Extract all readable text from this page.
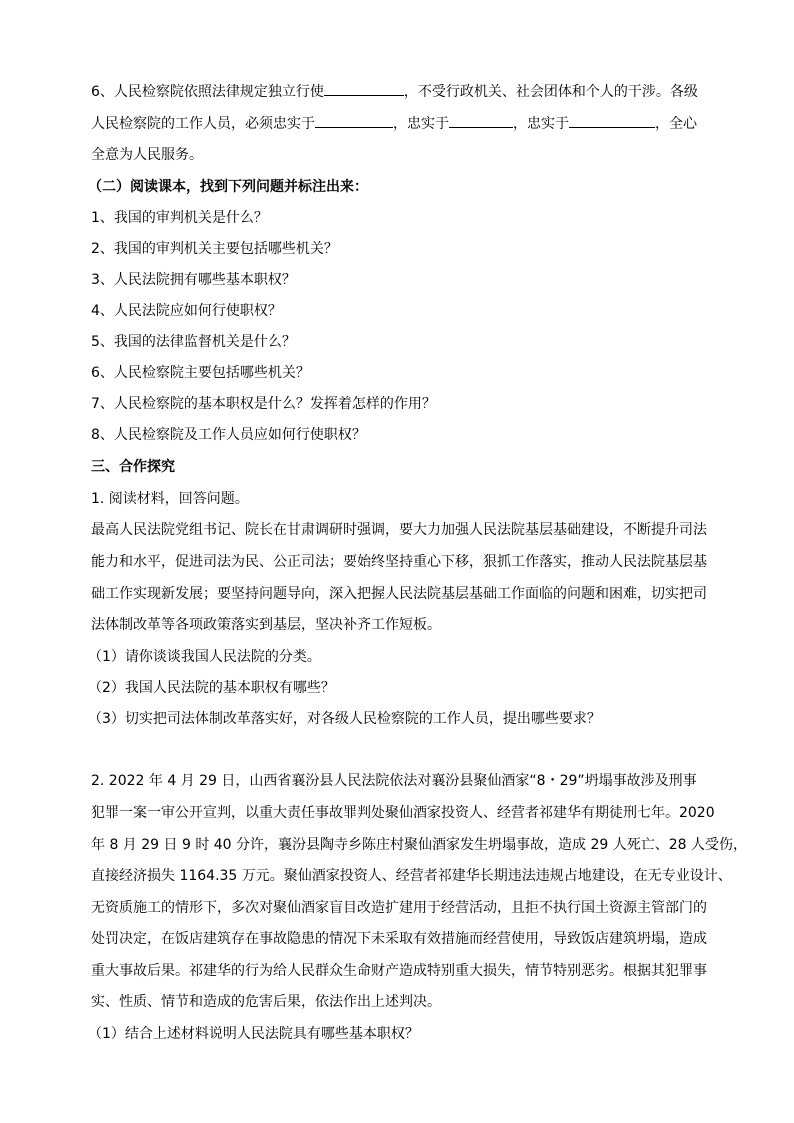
6、人民检察院依照法律规定独立行使	，不受行政机关、社会团体和个人的干涉。各级
人民检察院的工作人员，必须忠实于	，忠实于	，忠实于	，全心
全意为人民服务。
（二）阅读课本，找到下列问题并标注出来：
1、我国的审判机关是什么？
2、我国的审判机关主要包括哪些机关？
3、人民法院拥有哪些基本职权？
4、人民法院应如何行使职权？
5、我国的法律监督机关是什么？
6、人民检察院主要包括哪些机关？
7、人民检察院的基本职权是什么？发挥着怎样的作用？
8、人民检察院及工作人员应如何行使职权？
三、合作探究
1. 阅读材料，回答问题。
最高人民法院党组书记、院长在甘肃调研时强调，要大力加强人民法院基层基础建设，不断提升司法
能力和水平，促进司法为民、公正司法；要始终坚持重心下移，狠抓工作落实，推动人民法院基层基
础工作实现新发展；要坚持问题导向，深入把握人民法院基层基础工作面临的问题和困难，切实把司
法体制改革等各项政策落实到基层，坚决补齐工作短板。
（1）请你谈谈我国人民法院的分类。
（2）我国人民法院的基本职权有哪些？
（3）切实把司法体制改革落实好，对各级人民检察院的工作人员，提出哪些要求？
2. 2022 年 4 月 29 日，山西省襄汾县人民法院依法对襄汾县聚仙酒家“8・29”坍塌事故涉及刑事
犯罪一案一审公开宣判，以重大责任事故罪判处聚仙酒家投资人、经营者祁建华有期徒刑七年。2020
年 8 月 29 日 9 时 40 分许，襄汾县陶寺乡陈庄村聚仙酒家发生坍塌事故，造成 29 人死亡、28 人受伤，
直接经济损失 1164.35 万元。聚仙酒家投资人、经营者祁建华长期违法违规占地建设，在无专业设计、
无资质施工的情形下，多次对聚仙酒家盲目改造扩建用于经营活动，且拒不执行国土资源主管部门的
处罚决定，在饭店建筑存在事故隐患的情况下未采取有效措施而经营使用，导致饭店建筑坍塌，造成
重大事故后果。祁建华的行为给人民群众生命财产造成特别重大损失，情节特别恶劣。根据其犯罪事
实、性质、情节和造成的危害后果，依法作出上述判决。
（1）结合上述材料说明人民法院具有哪些基本职权？
